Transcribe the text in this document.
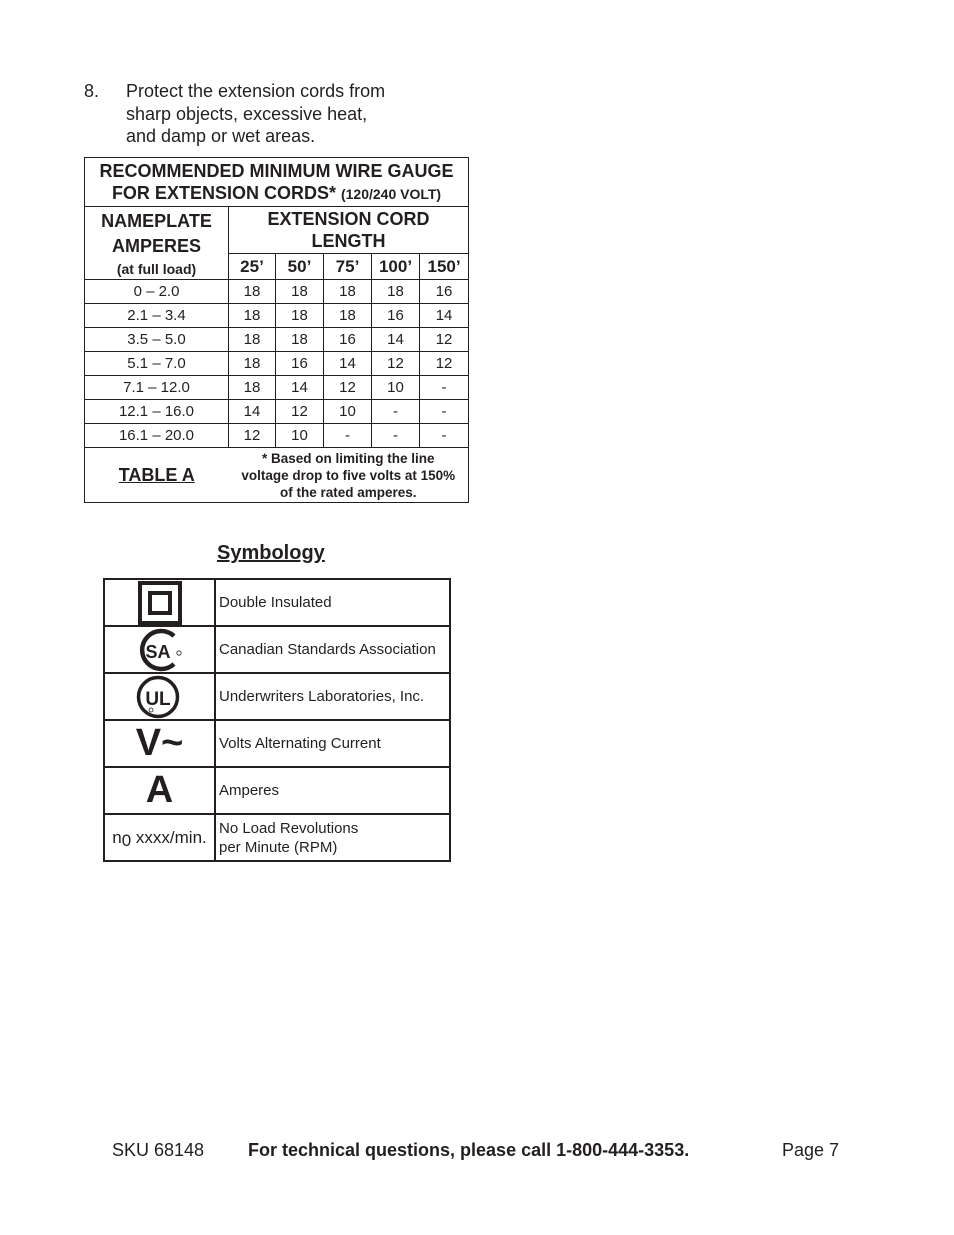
8. Protect the extension cords from
sharp objects, excessive heat,
and damp or wet areas.
RECOMMENDED MINIMUM WIRE GAUGE
FOR EXTENSION CORDS* (120/240 VOLT)					
NAMEPLATE
AMPERES
(at full load)	EXTENSION CORD
LENGTH				
	25’	50’	75’	100’	150’
0 – 2.0	18	18	18	18	16
2.1 – 3.4	18	18	18	16	14
3.5 – 5.0	18	18	16	14	12
5.1 – 7.0	18	16	14	12	12
7.1 – 12.0	18	14	12	10	-
12.1 – 16.0	14	12	10	-	-
16.1 – 20.0	12	10	-	-	-
TABLE A	* Based on limiting the line
voltage drop to five volts at 150%
of the rated amperes.				
Symbology
	Double Insulated

SA	Canadian Standards Association

UL	Underwriters Laboratories, Inc.
V~	Volts Alternating Current
A	Amperes
n0 xxxx/min.	No Load Revolutions
per Minute (RPM)
SKU 68148 For technical questions, please call 1-800-444-3353.	Page 7
